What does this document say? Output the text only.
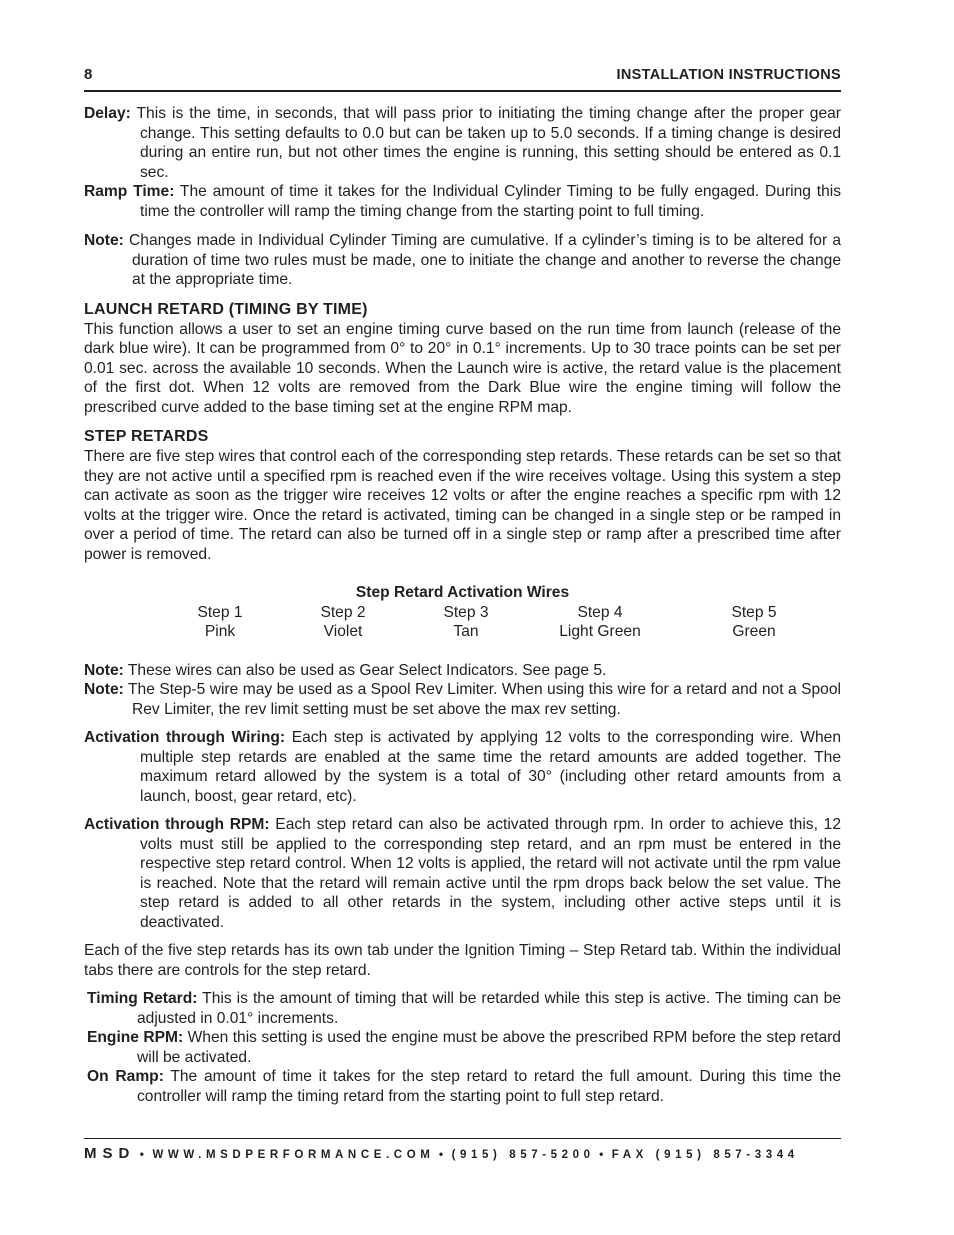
8	INSTALLATION INSTRUCTIONS

Delay: This is the time, in seconds, that will pass prior to initiating the timing change after the proper gear change. This setting defaults to 0.0 but can be taken up to 5.0 seconds. If a timing change is desired during an entire run, but not other times the engine is running, this setting should be entered as 0.1 sec.

Ramp Time: The amount of time it takes for the Individual Cylinder Timing to be fully engaged. During this time the controller will ramp the timing change from the starting point to full timing.

Note: Changes made in Individual Cylinder Timing are cumulative. If a cylinder’s timing is to be altered for a duration of time two rules must be made, one to initiate the change and another to reverse the change at the appropriate time.

LAUNCH RETARD (TIMING BY TIME)

This function allows a user to set an engine timing curve based on the run time from launch (release of the dark blue wire). It can be programmed from 0° to 20° in 0.1° increments. Up to 30 trace points can be set per 0.01 sec. across the available 10 seconds. When the Launch wire is active, the retard value is the placement of the first dot. When 12 volts are removed from the Dark Blue wire the engine timing will follow the prescribed curve added to the base timing set at the engine RPM map.

STEP RETARDS

There are five step wires that control each of the corresponding step retards. These retards can be set so that they are not active until a specified rpm is reached even if the wire receives voltage. Using this system a step can activate as soon as the trigger wire receives 12 volts or after the engine reaches a specific rpm with 12 volts at the trigger wire. Once the retard is activated, timing can be changed in a single step or be ramped in over a period of time. The retard can also be turned off in a single step or ramp after a prescribed time after power is removed.

Step Retard Activation Wires
Step 1	Step 2	Step 3	Step 4	Step 5
Pink	Violet	Tan	Light Green	Green

Note: These wires can also be used as Gear Select Indicators. See page 5.

Note: The Step-5 wire may be used as a Spool Rev Limiter. When using this wire for a retard and not a Spool Rev Limiter, the rev limit setting must be set above the max rev setting.

Activation through Wiring: Each step is activated by applying 12 volts to the corresponding wire. When multiple step retards are enabled at the same time the retard amounts are added together. The maximum retard allowed by the system is a total of 30° (including other retard amounts from a launch, boost, gear retard, etc).

Activation through RPM: Each step retard can also be activated through rpm. In order to achieve this, 12 volts must still be applied to the corresponding step retard, and an rpm must be entered in the respective step retard control. When 12 volts is applied, the retard will not activate until the rpm value is reached. Note that the retard will remain active until the rpm drops back below the set value. The step retard is added to all other retards in the system, including other active steps until it is deactivated.

Each of the five step retards has its own tab under the Ignition Timing – Step Retard tab. Within the individual tabs there are controls for the step retard.

Timing Retard: This is the amount of timing that will be retarded while this step is active. The timing can be adjusted in 0.01° increments.

Engine RPM: When this setting is used the engine must be above the prescribed RPM before the step retard will be activated.

On Ramp: The amount of time it takes for the step retard to retard the full amount. During this time the controller will ramp the timing retard from the starting point to full step retard.

MSD • WWW.MSDPERFORMANCE.COM • (915) 857-5200 • FAX (915) 857-3344
